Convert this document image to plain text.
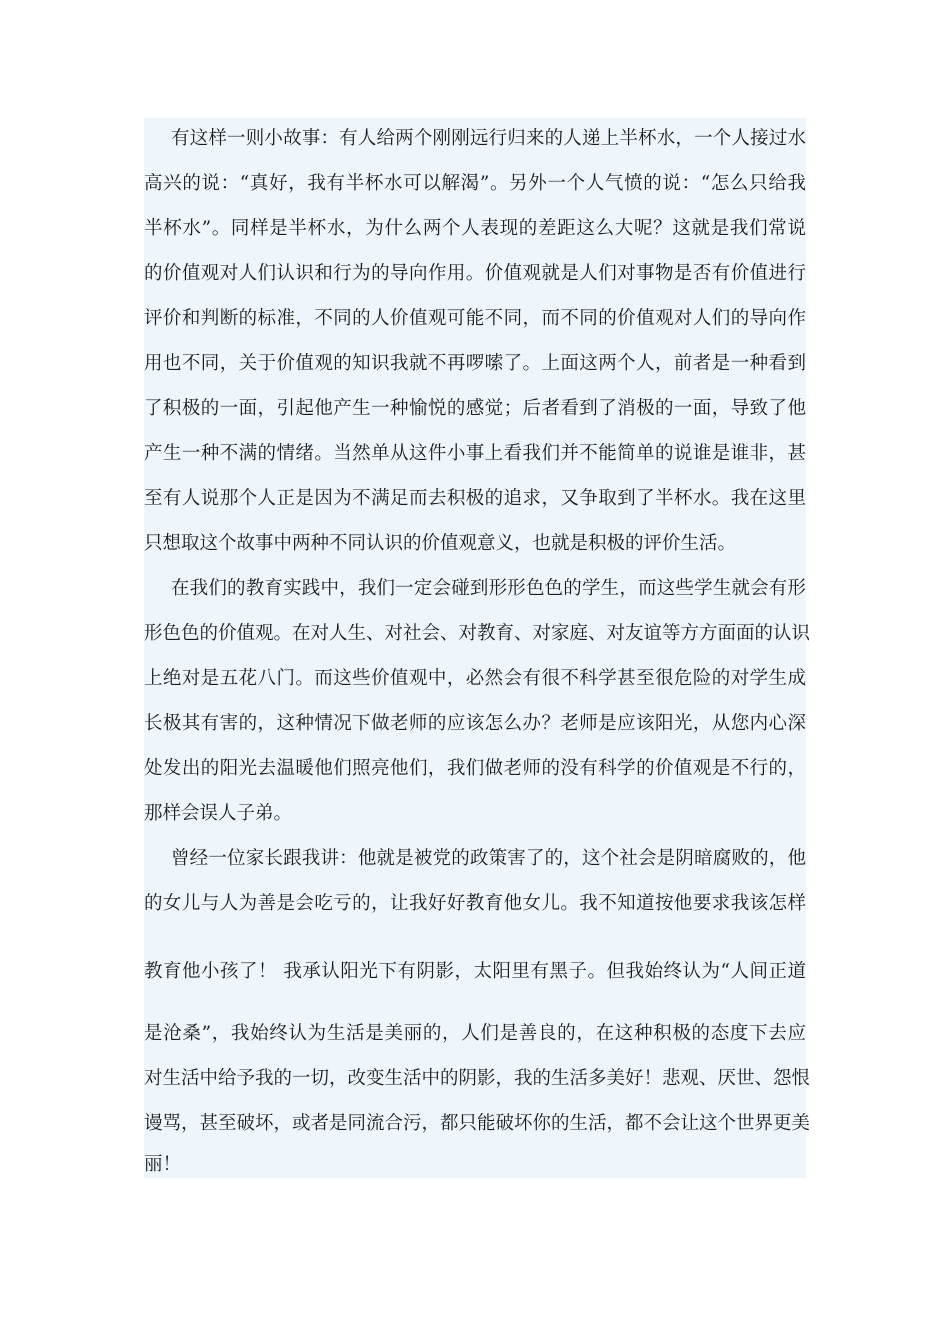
有这样一则小故事：有人给两个刚刚远行归来的人递上半杯水，一个人接过水
高兴的说：“真好，我有半杯水可以解渴”。另外一个人气愤的说：“怎么只给我
半杯水”。同样是半杯水，为什么两个人表现的差距这么大呢？这就是我们常说
的价值观对人们认识和行为的导向作用。价值观就是人们对事物是否有价值进行
评价和判断的标准，不同的人价值观可能不同，而不同的价值观对人们的导向作
用也不同，关于价值观的知识我就不再啰嗦了。上面这两个人，前者是一种看到
了积极的一面，引起他产生一种愉悦的感觉；后者看到了消极的一面，导致了他
产生一种不满的情绪。当然单从这件小事上看我们并不能简单的说谁是谁非，甚
至有人说那个人正是因为不满足而去积极的追求，又争取到了半杯水。我在这里
只想取这个故事中两种不同认识的价值观意义，也就是积极的评价生活。
在我们的教育实践中，我们一定会碰到形形色色的学生，而这些学生就会有形
形色色的价值观。在对人生、对社会、对教育、对家庭、对友谊等方方面面的认识
上绝对是五花八门。而这些价值观中，必然会有很不科学甚至很危险的对学生成
长极其有害的，这种情况下做老师的应该怎么办？老师是应该阳光，从您内心深
处发出的阳光去温暖他们照亮他们，我们做老师的没有科学的价值观是不行的，
那样会误人子弟。
曾经一位家长跟我讲：他就是被党的政策害了的，这个社会是阴暗腐败的，他
的女儿与人为善是会吃亏的，让我好好教育他女儿。我不知道按他要求我该怎样
教育他小孩了！ 我承认阳光下有阴影，太阳里有黑子。但我始终认为“人间正道
是沧桑”，我始终认为生活是美丽的，人们是善良的，在这种积极的态度下去应
对生活中给予我的一切，改变生活中的阴影，我的生活多美好！悲观、厌世、怨恨
谩骂，甚至破坏，或者是同流合污，都只能破坏你的生活，都不会让这个世界更美
丽！
